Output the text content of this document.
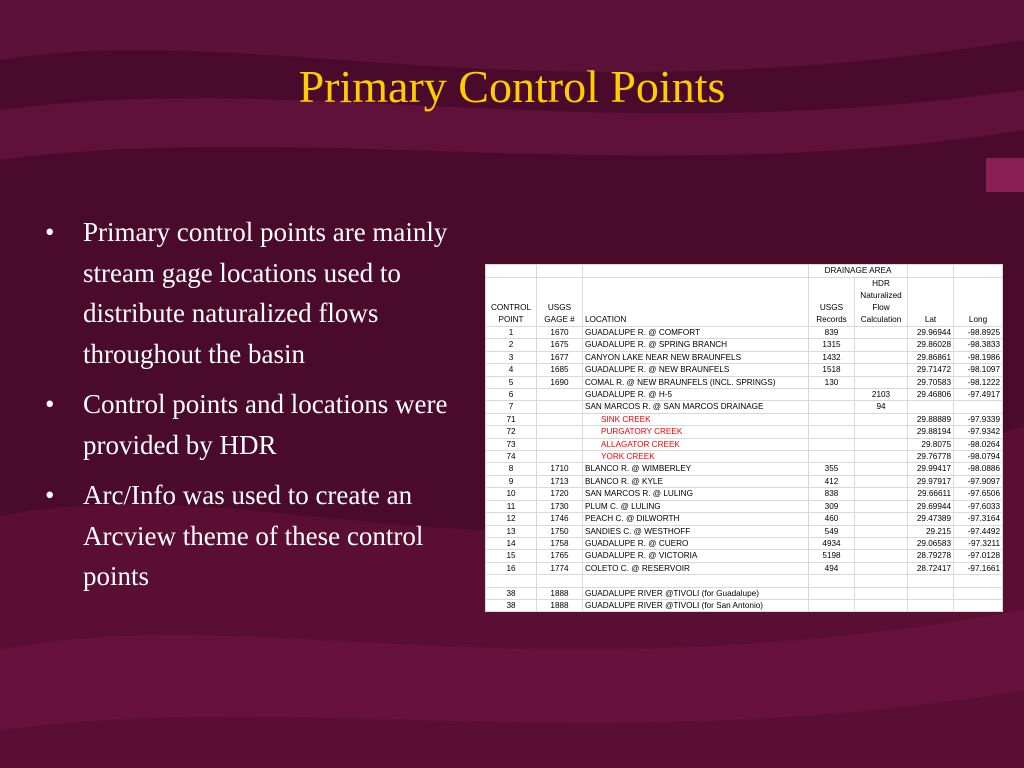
Primary Control Points
• Primary control points are mainly stream gage locations used to distribute naturalized flows throughout the basin
• Control points and locations were provided by HDR
• Arc/Info was used to create an Arcview theme of these control points
			DRAINAGE AREA			
CONTROL POINT	USGS GAGE #	LOCATION	USGS Records	HDR Naturalized Flow Calculation	Lat	Long
1	1670	GUADALUPE R. @ COMFORT	839		29.96944	-98.8925
2	1675	GUADALUPE R. @ SPRING BRANCH	1315		29.86028	-98.3833
3	1677	CANYON LAKE NEAR NEW BRAUNFELS	1432		29.86861	-98.1986
4	1685	GUADALUPE R. @ NEW BRAUNFELS	1518		29.71472	-98.1097
5	1690	COMAL R. @ NEW BRAUNFELS (INCL. SPRINGS)	130		29.70583	-98.1222
6		GUADALUPE R. @ H-5		2103	29.46806	-97.4917
7		SAN MARCOS R. @ SAN MARCOS DRAINAGE		94		
71		SINK CREEK			29.88889	-97.9339
72		PURGATORY CREEK			29.88194	-97.9342
73		ALLAGATOR CREEK			29.8075	-98.0264
74		YORK CREEK			29.76778	-98.0794
8	1710	BLANCO R. @ WIMBERLEY	355		29.99417	-98.0886
9	1713	BLANCO R. @ KYLE	412		29.97917	-97.9097
10	1720	SAN MARCOS R. @ LULING	838		29.66611	-97.6506
11	1730	PLUM C. @ LULING	309		29.69944	-97.6033
12	1746	PEACH C. @ DILWORTH	460		29.47389	-97.3164
13	1750	SANDIES C. @ WESTHOFF	549		29.215	-97.4492
14	1758	GUADALUPE R. @ CUERO	4934		29.06583	-97.3211
15	1765	GUADALUPE R. @ VICTORIA	5198		28.79278	-97.0128
16	1774	COLETO C. @ RESERVOIR	494		28.72417	-97.1661

38	1888	GUADALUPE RIVER @TIVOLI (for Guadalupe)				
38	1888	GUADALUPE RIVER @TIVOLI (for San Antonio)				
